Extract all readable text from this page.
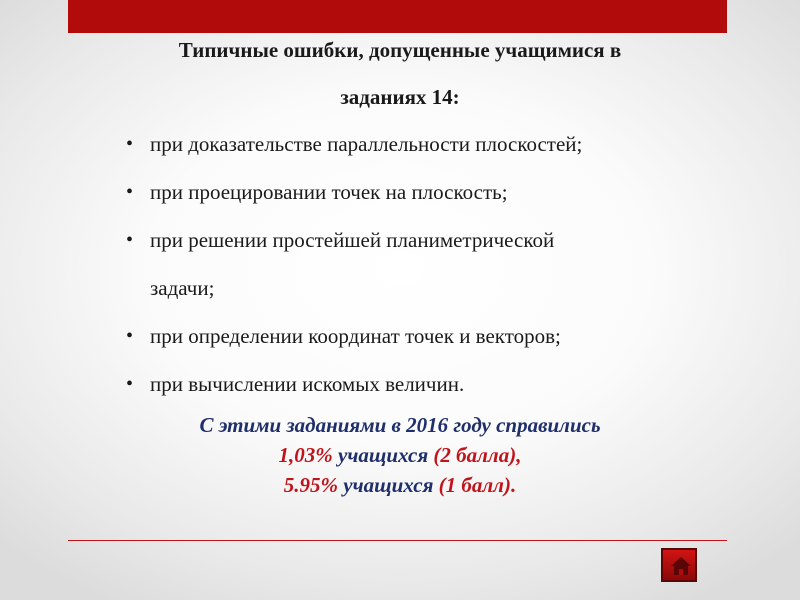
Типичные ошибки, допущенные учащимися в
заданиях 14:
• при доказательстве параллельности плоскостей;
• при проецировании точек на плоскость;
• при решении простейшей планиметрической
задачи;
• при определении координат точек и векторов;
• при вычислении искомых величин.
С этими заданиями в 2016 году справились
1,03% учащихся (2 балла),
5.95% учащихся (1 балл).
